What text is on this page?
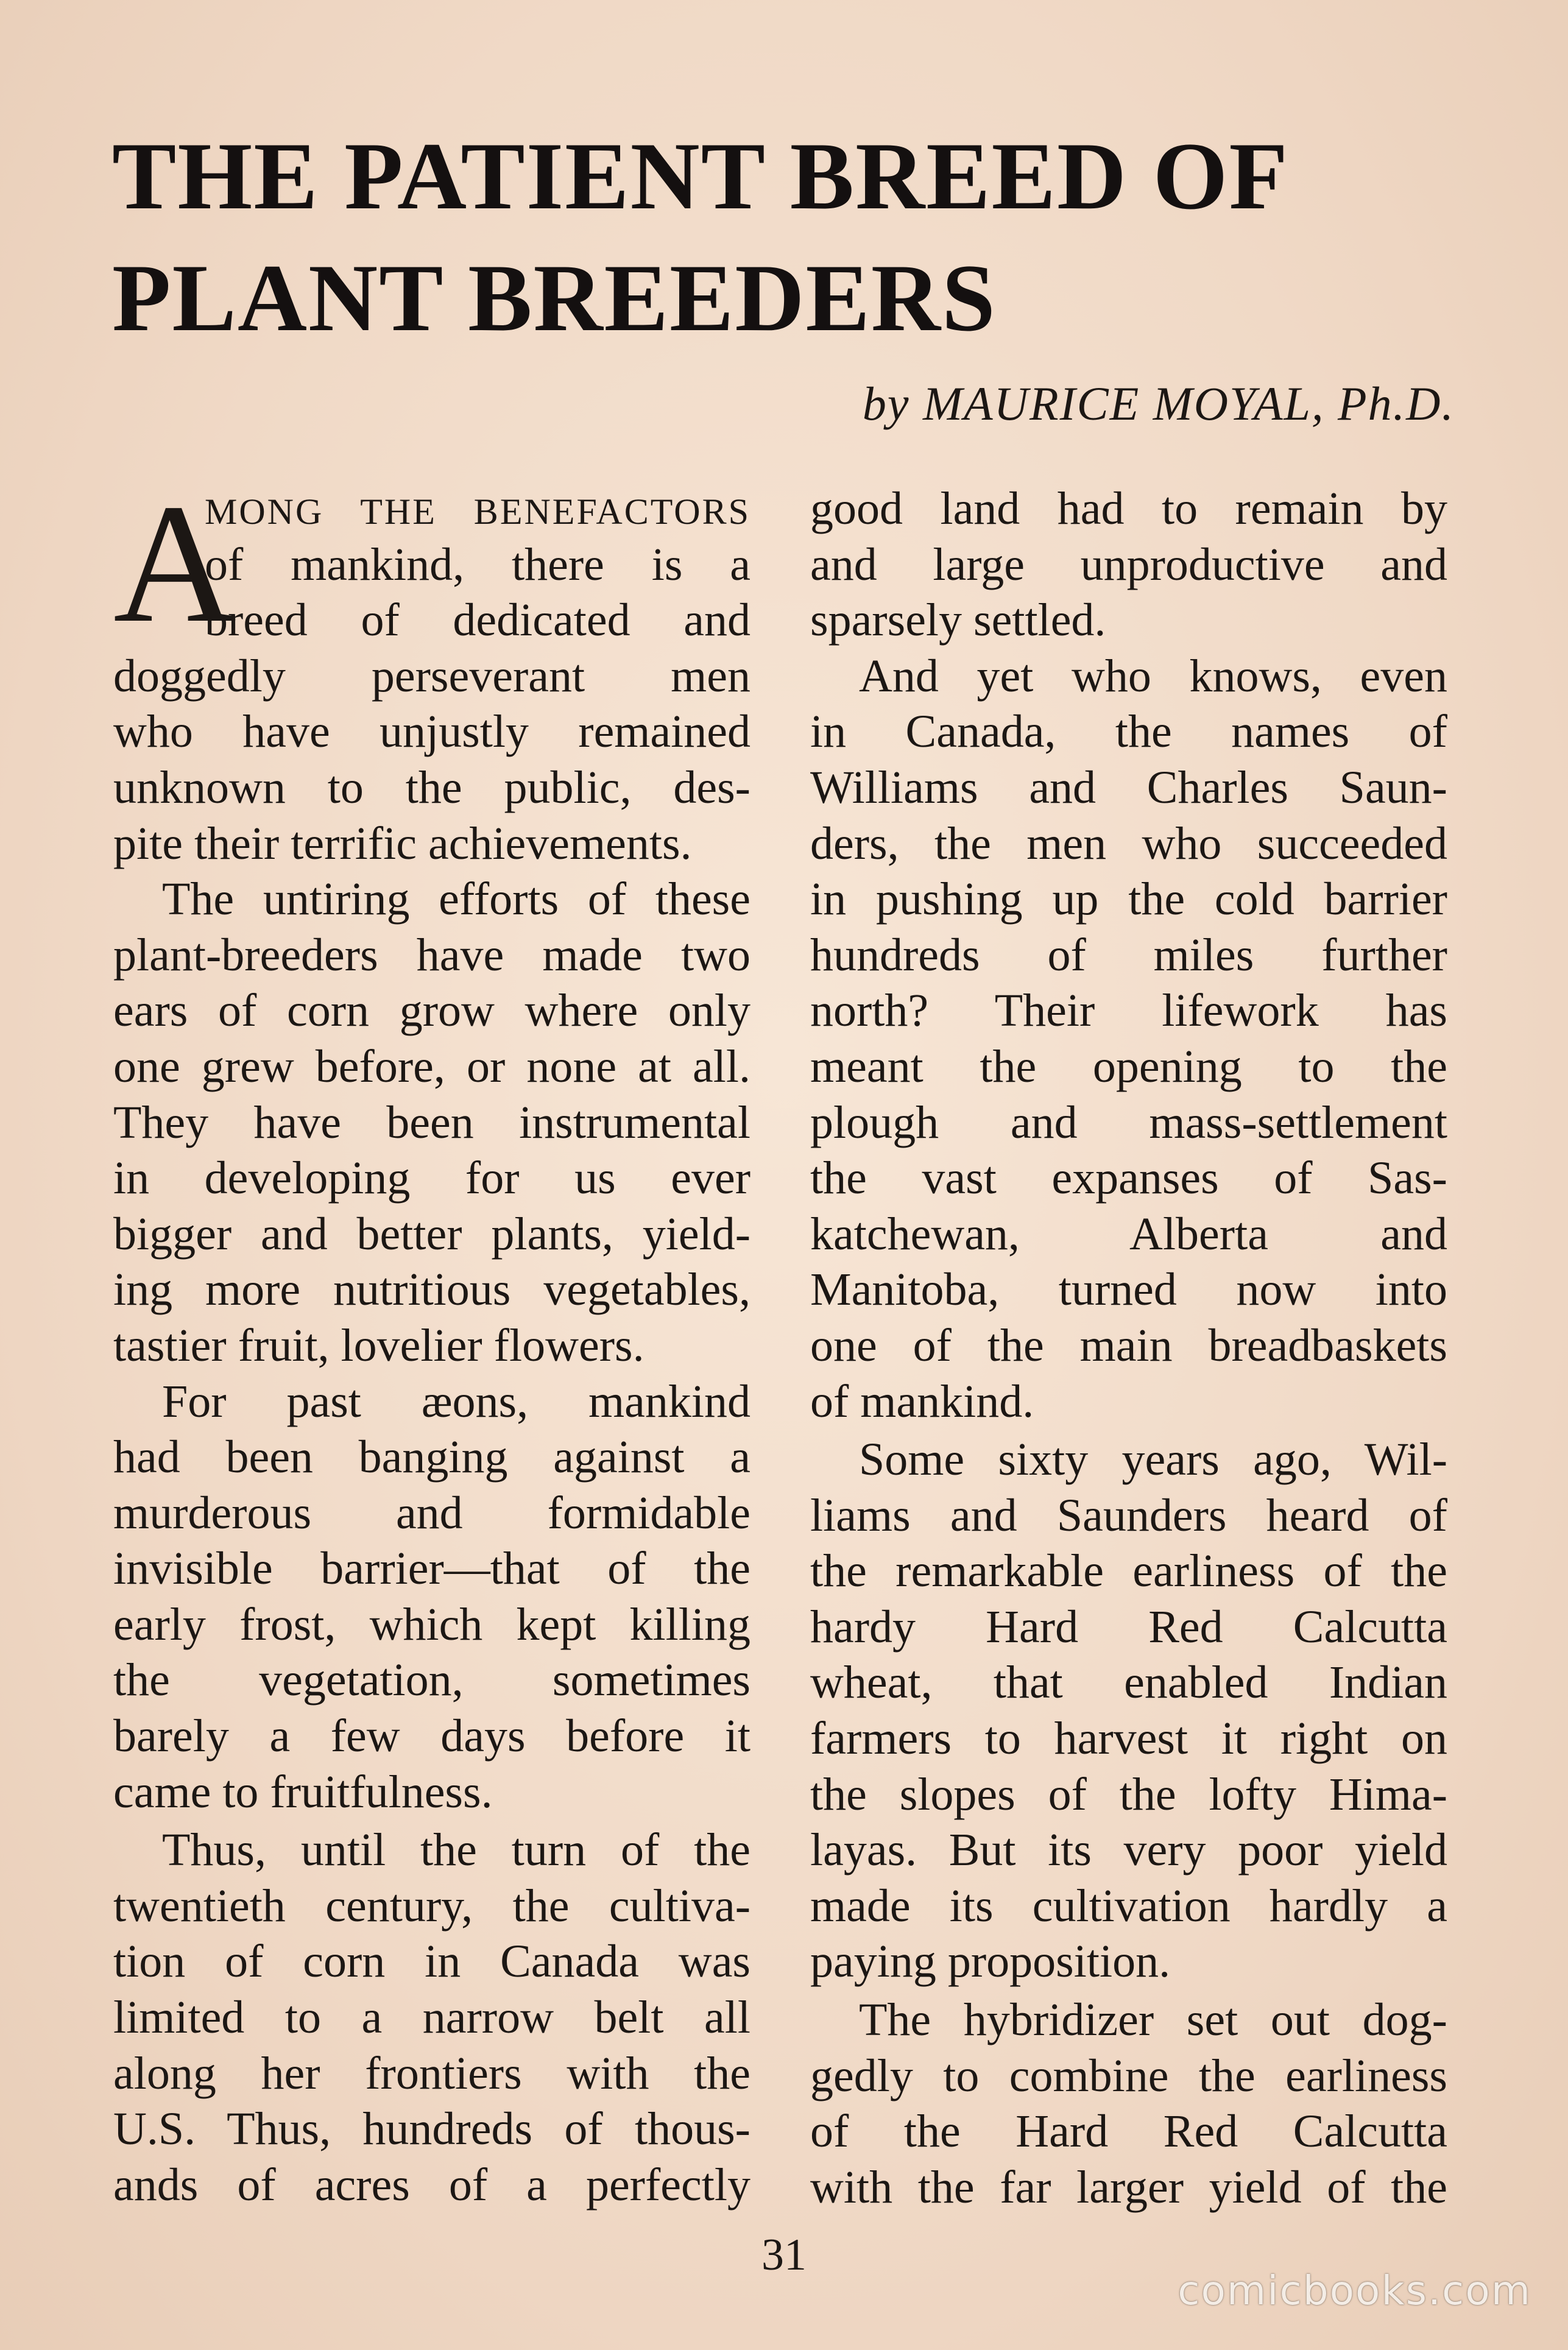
THE PATIENT BREED OF
PLANT BREEDERS
by MAURICE MOYAL, Ph.D.
A
MONG THE BENEFACTORS
of mankind, there is a
breed of dedicated and
doggedly perseverant men
who have unjustly remained
unknown to the public, des-
pite their terrific achievements.
The untiring efforts of these
plant-breeders have made two
ears of corn grow where only
one grew before, or none at all.
They have been instrumental
in developing for us ever
bigger and better plants, yield-
ing more nutritious vegetables,
tastier fruit, lovelier flowers.
For past æons, mankind
had been banging against a
murderous and formidable
invisible barrier—that of the
early frost, which kept killing
the vegetation, sometimes
barely a few days before it
came to fruitfulness.
Thus, until the turn of the
twentieth century, the cultiva-
tion of corn in Canada was
limited to a narrow belt all
along her frontiers with the
U.S. Thus, hundreds of thous-
ands of acres of a perfectly
good land had to remain by
and large unproductive and
sparsely settled.
And yet who knows, even
in Canada, the names of
Williams and Charles Saun-
ders, the men who succeeded
in pushing up the cold barrier
hundreds of miles further
north? Their lifework has
meant the opening to the
plough and mass-settlement
the vast expanses of Sas-
katchewan, Alberta and
Manitoba, turned now into
one of the main breadbaskets
of mankind.
Some sixty years ago, Wil-
liams and Saunders heard of
the remarkable earliness of the
hardy Hard Red Calcutta
wheat, that enabled Indian
farmers to harvest it right on
the slopes of the lofty Hima-
layas. But its very poor yield
made its cultivation hardly a
paying proposition.
The hybridizer set out dog-
gedly to combine the earliness
of the Hard Red Calcutta
with the far larger yield of the
31
comicbooks.com
